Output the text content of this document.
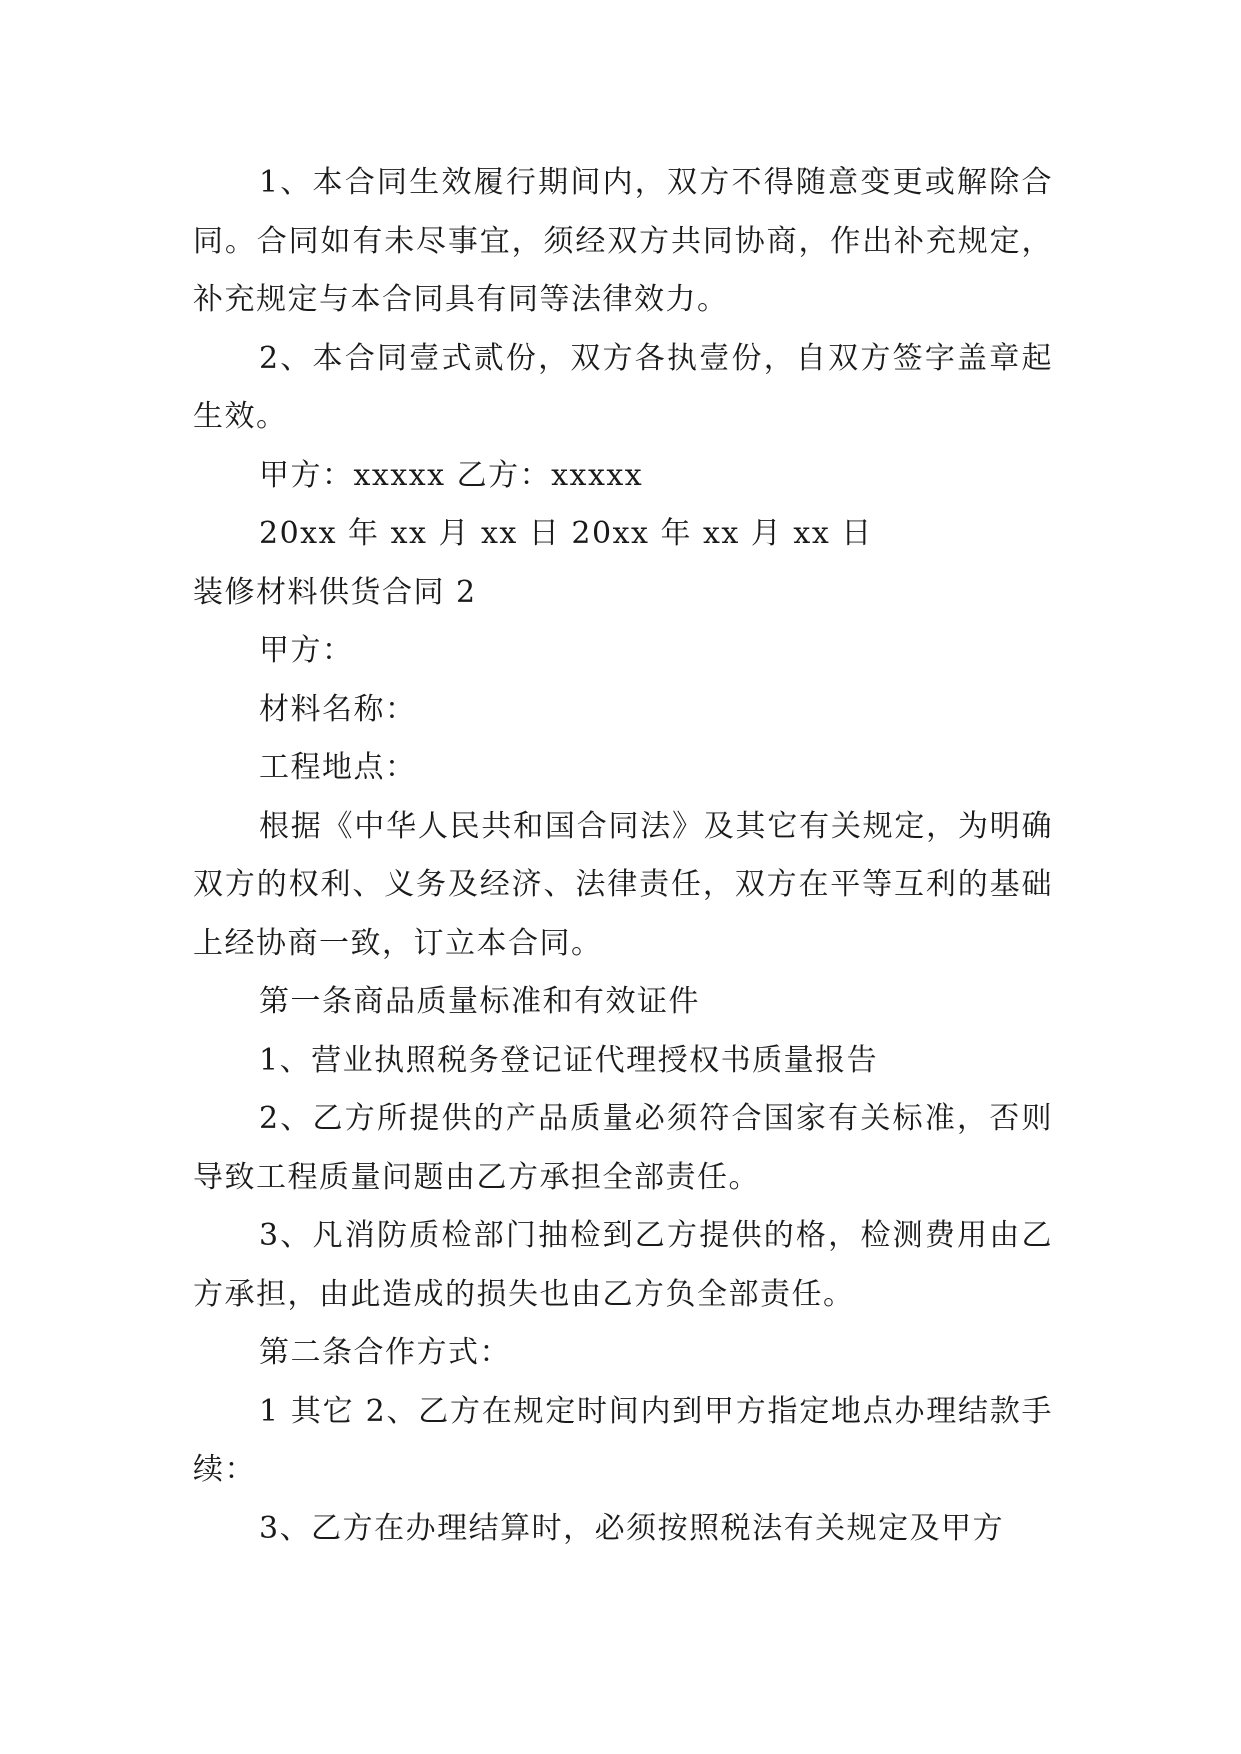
1、本合同生效履行期间内，双方不得随意变更或解除合同。合同如有未尽事宜，须经双方共同协商，作出补充规定，补充规定与本合同具有同等法律效力。

2、本合同壹式贰份，双方各执壹份，自双方签字盖章起生效。

甲方：xxxxx 乙方：xxxxx

20xx 年 xx 月 xx 日 20xx 年 xx 月 xx 日

装修材料供货合同 2

甲方：

材料名称：

工程地点：

根据《中华人民共和国合同法》及其它有关规定，为明确双方的权利、义务及经济、法律责任，双方在平等互利的基础上经协商一致，订立本合同。

第一条商品质量标准和有效证件

1、营业执照税务登记证代理授权书质量报告

2、乙方所提供的产品质量必须符合国家有关标准，否则导致工程质量问题由乙方承担全部责任。

3、凡消防质检部门抽检到乙方提供的格，检测费用由乙方承担，由此造成的损失也由乙方负全部责任。

第二条合作方式：

1 其它 2、乙方在规定时间内到甲方指定地点办理结款手续：

3、乙方在办理结算时，必须按照税法有关规定及甲方
